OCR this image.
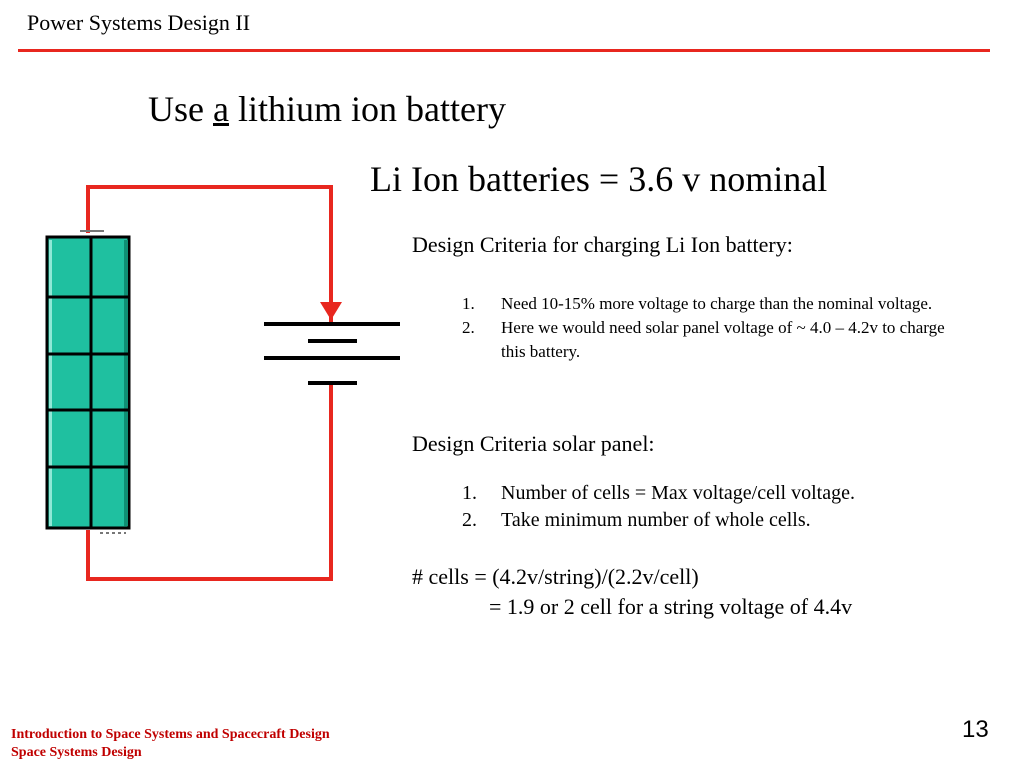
Power Systems Design II
Use a lithium ion battery
Li Ion batteries = 3.6 v nominal
Design Criteria for charging Li Ion battery:
1. Need 10-15% more voltage to charge than the nominal voltage.
2. Here we would need solar panel voltage of ~ 4.0 – 4.2v to charge this battery.
Design Criteria solar panel:
1. Number of cells = Max voltage/cell voltage.
2. Take minimum number of whole cells.
# cells = (4.2v/string)/(2.2v/cell)
= 1.9 or 2 cell for a string voltage of 4.4v
Introduction to Space Systems and Spacecraft Design
Space Systems Design
13
